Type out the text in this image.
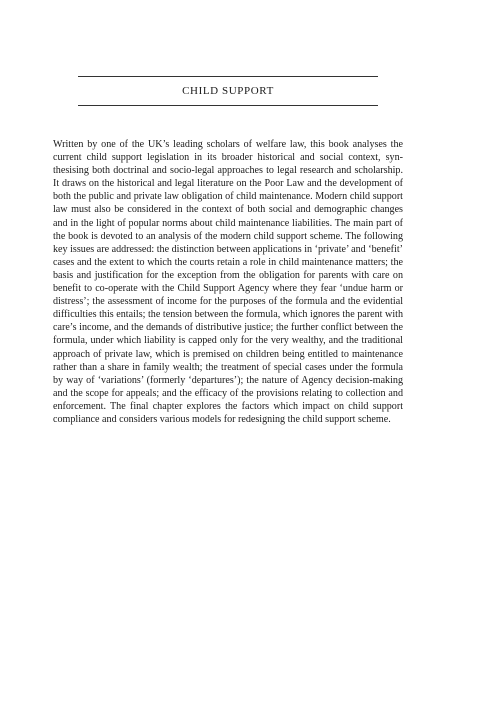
CHILD SUPPORT

Written by one of the UK’s leading scholars of welfare law, this book analyses the current child support legislation in its broader historical and social context, synthesising both doctrinal and socio-legal approaches to legal research and scholarship. It draws on the historical and legal literature on the Poor Law and the development of both the public and private law obligation of child maintenance. Modern child support law must also be considered in the context of both social and demographic changes and in the light of popular norms about child maintenance liabilities. The main part of the book is devoted to an analysis of the modern child support scheme. The following key issues are addressed: the distinction between applications in ‘private’ and ‘benefit’ cases and the extent to which the courts retain a role in child maintenance matters; the basis and justification for the exception from the obligation for parents with care on benefit to co-operate with the Child Support Agency where they fear ‘undue harm or distress’; the assessment of income for the purposes of the formula and the evidential difficulties this entails; the tension between the formula, which ignores the parent with care’s income, and the demands of distributive justice; the further conflict between the formula, under which liability is capped only for the very wealthy, and the traditional approach of private law, which is premised on children being entitled to maintenance rather than a share in family wealth; the treatment of special cases under the formula by way of ‘variations’ (formerly ‘departures’); the nature of Agency decision-making and the scope for appeals; and the efficacy of the provisions relating to collection and enforcement. The final chapter explores the factors which impact on child support compliance and considers various models for redesigning the child support scheme.
